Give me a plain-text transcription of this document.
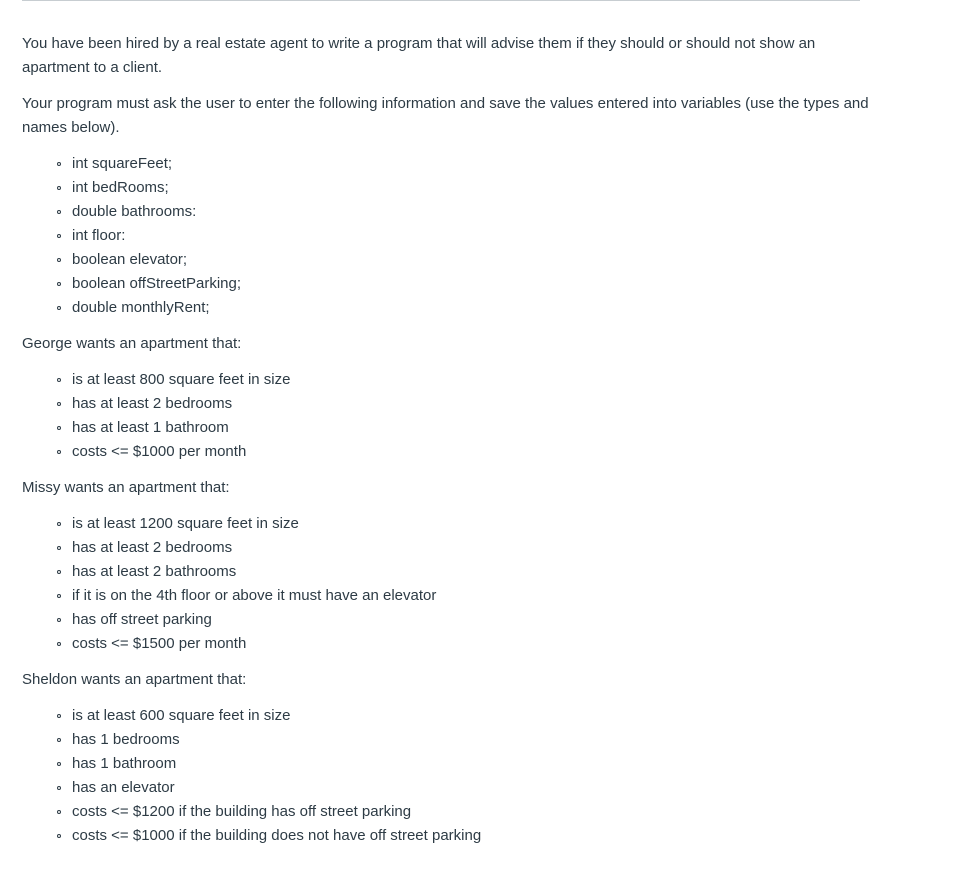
You have been hired by a real estate agent to write a program that will advise them if they should or should not show an apartment to a client.

Your program must ask the user to enter the following information and save the values entered into variables (use the types and names below).

int squareFeet;
int bedRooms;
double bathrooms:
int floor:
boolean elevator;
boolean offStreetParking;
double monthlyRent;

George wants an apartment that:

is at least 800 square feet in size
has at least 2 bedrooms
has at least 1 bathroom
costs <= $1000 per month

Missy wants an apartment that:

is at least 1200 square feet in size
has at least 2 bedrooms
has at least 2 bathrooms
if it is on the 4th floor or above it must have an elevator
has off street parking
costs <= $1500 per month

Sheldon wants an apartment that:

is at least 600 square feet in size
has 1 bedrooms
has 1 bathroom
has an elevator
costs <= $1200 if the building has off street parking
costs <= $1000 if the building does not have off street parking
